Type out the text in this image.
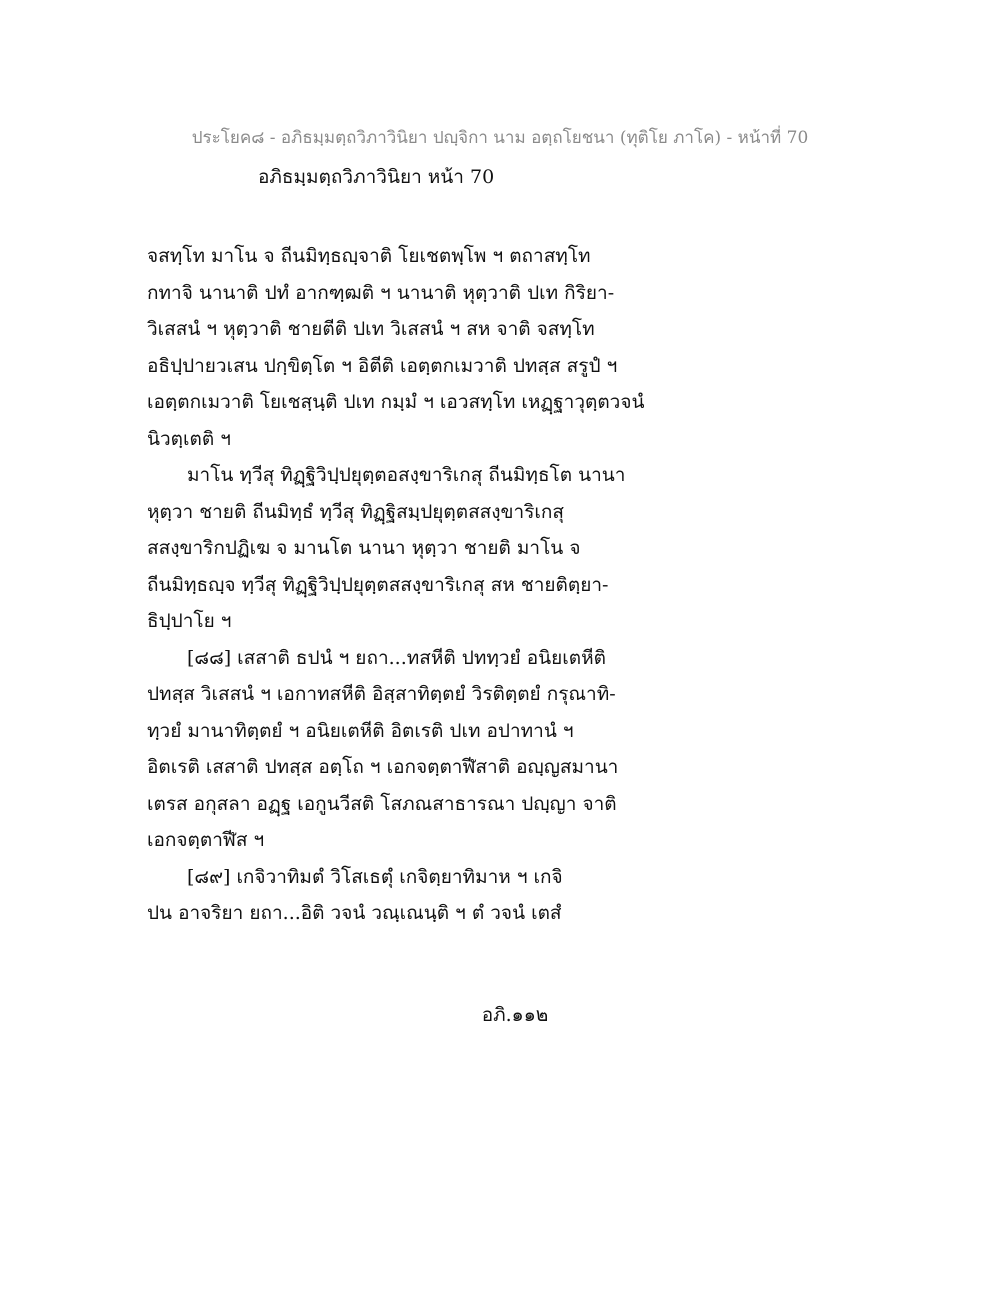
ประโยค๘ - อภิธมฺมตฺถวิภาวินิยา ปญฺจิกา นาม อตฺถโยชนา (ทุติโย ภาโค) - หน้าที่ 70
อภิธมฺมตฺถวิภาวินิยา หน้า 70
จสทฺโท มาโน จ ถีนมิทฺธญฺจาติ โยเชตพฺโพ ฯ ตถาสทฺโท
กทาจิ นานาติ ปทํ อากฑฺฒติ ฯ นานาติ หุตฺวาติ ปเท กิริยา-
วิเสสนํ ฯ หุตฺวาติ ชายตีติ ปเท วิเสสนํ ฯ สห จาติ จสทฺโท
อธิปฺปายวเสน ปกฺขิตฺโต ฯ อิตีติ เอตฺตกเมวาติ ปทสฺส สรูปํ ฯ
เอตฺตกเมวาติ โยเชสฺนฺติ ปเท กมฺมํ ฯ เอวสทฺโท เหฏฺฐาวุตฺตวจนํ
นิวตฺเตติ ฯ
มาโน ทฺวีสุ ทิฏฺฐิวิปฺปยุตฺตอสงฺขาริเกสุ ถีนมิทฺธโต นานา
หุตฺวา ชายติ ถีนมิทฺธํ ทฺวีสุ ทิฏฺฐิสมฺปยุตฺตสสงฺขาริเกสุ
สสงฺขาริกปฏิเฆ จ มานโต นานา หุตฺวา ชายติ มาโน จ
ถีนมิทฺธญฺจ ทฺวีสุ ทิฏฺฐิวิปฺปยุตฺตสสงฺขาริเกสุ สห ชายติตฺยา-
ธิปฺปาโย ฯ
[๘๘] เสสาติ ธปนํ ฯ ยถา...ทสหีติ ปททฺวยํ อนิยเตหีติ
ปทสฺส วิเสสนํ ฯ เอกาทสหีติ อิสฺสาทิตฺตยํ วิรติตฺตยํ กรุณาทิ-
ทฺวยํ มานาทิตฺตยํ ฯ อนิยเตหีติ อิตเรติ ปเท อปาทานํ ฯ
อิตเรติ เสสาติ ปทสฺส อตฺโถ ฯ เอกจตฺตาฬีสาติ อญฺญสมานา
เตรส อกุสลา อฏฺฐ เอกูนวีสติ โสภณสาธารณา ปญฺญา จาติ
เอกจตฺตาฬีส ฯ
[๘๙] เกจิวาทิมตํ วิโสเธตุํ เกจิตฺยาทิมาห ฯ เกจิ
ปน อาจริยา ยถา...อิติ วจนํ วณฺเณนฺติ ฯ ตํ วจนํ เตสํ
อภิ.๑๑๒
